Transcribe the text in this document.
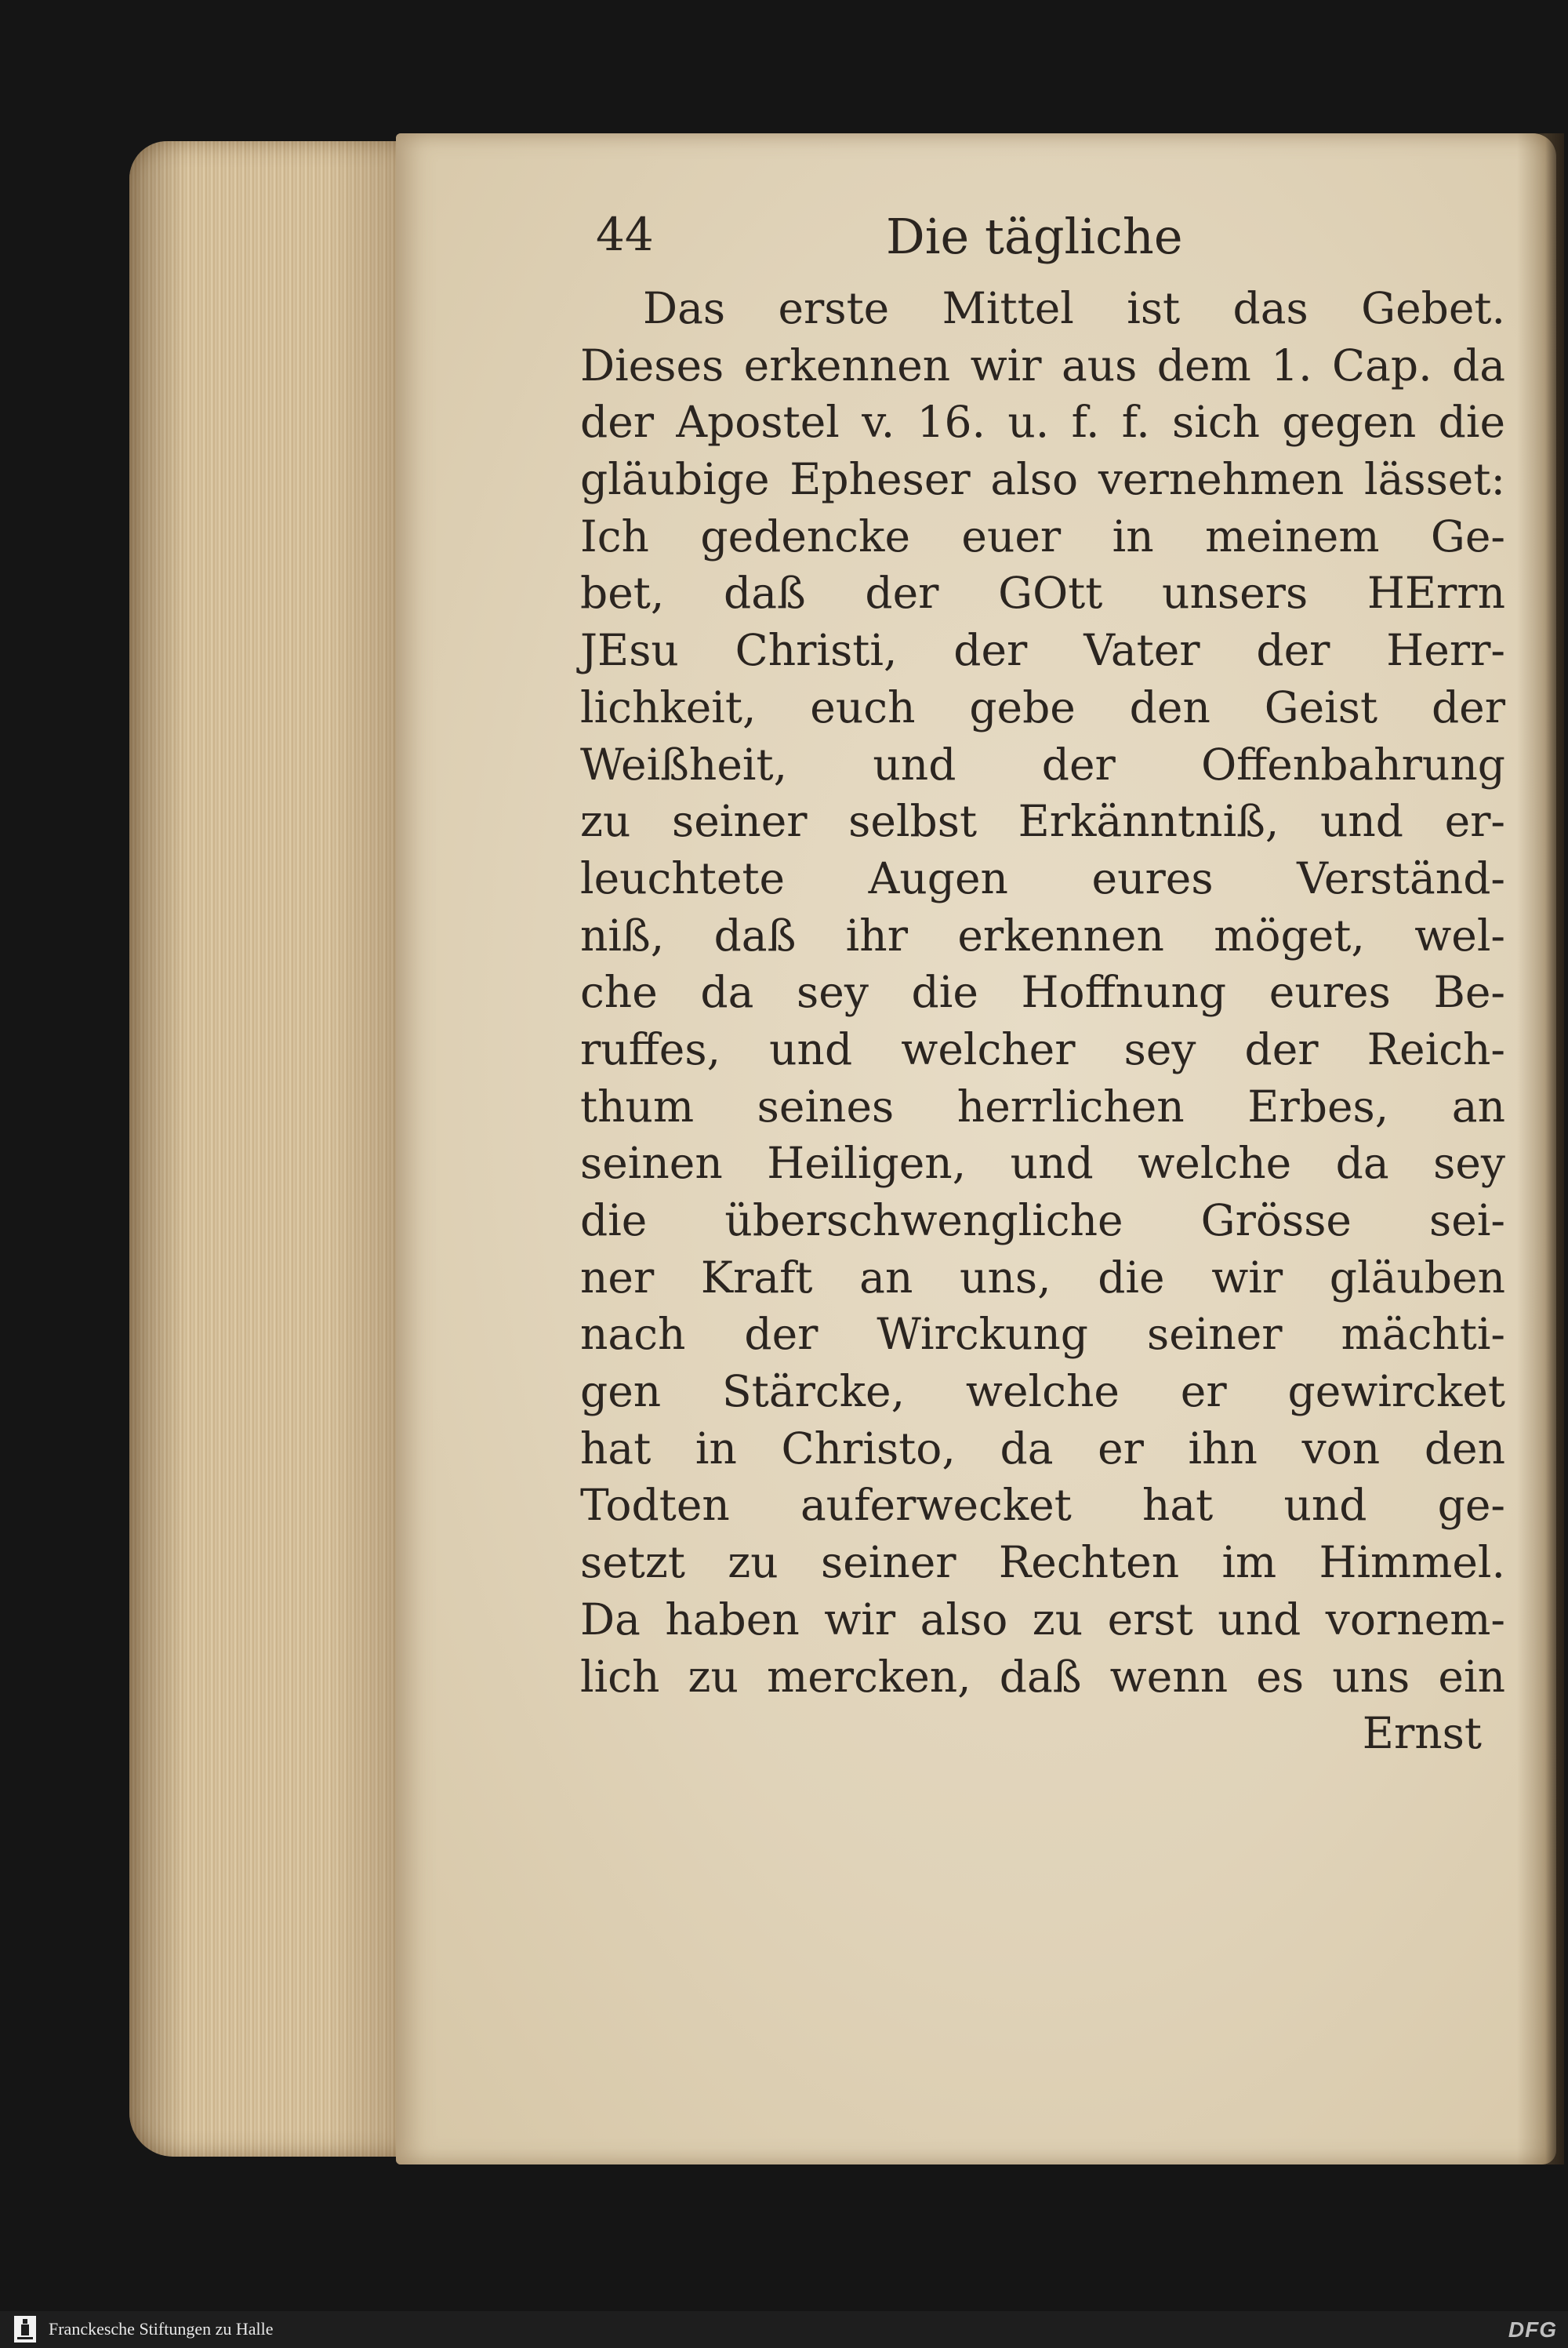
44	Die tägliche
Das erste Mittel ist das Gebet.
Dieses erkennen wir aus dem 1. Cap. da
der Apostel v. 16. u. f. f. sich gegen die
gläubige Epheser also vernehmen lässet:
Ich gedencke euer in meinem Ge-
bet, daß der GOtt unsers HErrn
JEsu Christi, der Vater der Herr-
lichkeit, euch gebe den Geist der
Weißheit, und der Offenbahrung
zu seiner selbst Erkänntniß, und er-
leuchtete Augen eures Verständ-
niß, daß ihr erkennen möget, wel-
che da sey die Hoffnung eures Be-
ruffes, und welcher sey der Reich-
thum seines herrlichen Erbes, an
seinen Heiligen, und welche da sey
die überschwengliche Grösse sei-
ner Kraft an uns, die wir gläuben
nach der Wirckung seiner mächti-
gen Stärcke, welche er gewircket
hat in Christo, da er ihn von den
Todten auferwecket hat und ge-
setzt zu seiner Rechten im Himmel.
Da haben wir also zu erst und vornem-
lich zu mercken, daß wenn es uns ein
Ernst
Franckesche Stiftungen zu Halle	DFG
